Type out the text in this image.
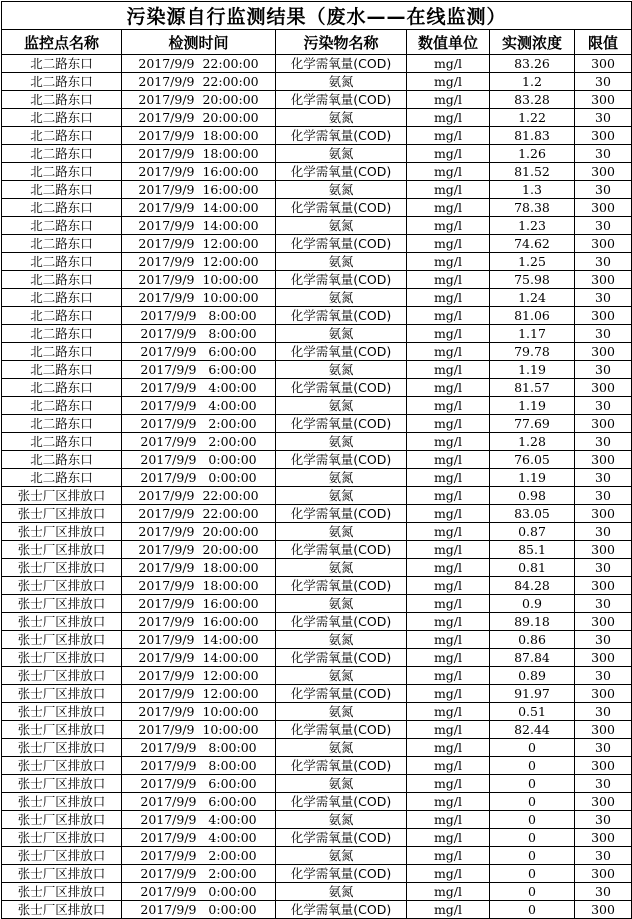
污染源自行监测结果（废水——在线监测）					
监控点名称	检测时间	污染物名称	数值单位	实测浓度	限值
北二路东口	2017/9/9  22:00:00	化学需氧量(COD)	mg/l	83.26	300
北二路东口	2017/9/9  22:00:00	氨氮	mg/l	1.2	30
北二路东口	2017/9/9  20:00:00	化学需氧量(COD)	mg/l	83.28	300
北二路东口	2017/9/9  20:00:00	氨氮	mg/l	1.22	30
北二路东口	2017/9/9  18:00:00	化学需氧量(COD)	mg/l	81.83	300
北二路东口	2017/9/9  18:00:00	氨氮	mg/l	1.26	30
北二路东口	2017/9/9  16:00:00	化学需氧量(COD)	mg/l	81.52	300
北二路东口	2017/9/9  16:00:00	氨氮	mg/l	1.3	30
北二路东口	2017/9/9  14:00:00	化学需氧量(COD)	mg/l	78.38	300
北二路东口	2017/9/9  14:00:00	氨氮	mg/l	1.23	30
北二路东口	2017/9/9  12:00:00	化学需氧量(COD)	mg/l	74.62	300
北二路东口	2017/9/9  12:00:00	氨氮	mg/l	1.25	30
北二路东口	2017/9/9  10:00:00	化学需氧量(COD)	mg/l	75.98	300
北二路东口	2017/9/9  10:00:00	氨氮	mg/l	1.24	30
北二路东口	2017/9/9   8:00:00	化学需氧量(COD)	mg/l	81.06	300
北二路东口	2017/9/9   8:00:00	氨氮	mg/l	1.17	30
北二路东口	2017/9/9   6:00:00	化学需氧量(COD)	mg/l	79.78	300
北二路东口	2017/9/9   6:00:00	氨氮	mg/l	1.19	30
北二路东口	2017/9/9   4:00:00	化学需氧量(COD)	mg/l	81.57	300
北二路东口	2017/9/9   4:00:00	氨氮	mg/l	1.19	30
北二路东口	2017/9/9   2:00:00	化学需氧量(COD)	mg/l	77.69	300
北二路东口	2017/9/9   2:00:00	氨氮	mg/l	1.28	30
北二路东口	2017/9/9   0:00:00	化学需氧量(COD)	mg/l	76.05	300
北二路东口	2017/9/9   0:00:00	氨氮	mg/l	1.19	30
张士厂区排放口	2017/9/9  22:00:00	氨氮	mg/l	0.98	30
张士厂区排放口	2017/9/9  22:00:00	化学需氧量(COD)	mg/l	83.05	300
张士厂区排放口	2017/9/9  20:00:00	氨氮	mg/l	0.87	30
张士厂区排放口	2017/9/9  20:00:00	化学需氧量(COD)	mg/l	85.1	300
张士厂区排放口	2017/9/9  18:00:00	氨氮	mg/l	0.81	30
张士厂区排放口	2017/9/9  18:00:00	化学需氧量(COD)	mg/l	84.28	300
张士厂区排放口	2017/9/9  16:00:00	氨氮	mg/l	0.9	30
张士厂区排放口	2017/9/9  16:00:00	化学需氧量(COD)	mg/l	89.18	300
张士厂区排放口	2017/9/9  14:00:00	氨氮	mg/l	0.86	30
张士厂区排放口	2017/9/9  14:00:00	化学需氧量(COD)	mg/l	87.84	300
张士厂区排放口	2017/9/9  12:00:00	氨氮	mg/l	0.89	30
张士厂区排放口	2017/9/9  12:00:00	化学需氧量(COD)	mg/l	91.97	300
张士厂区排放口	2017/9/9  10:00:00	氨氮	mg/l	0.51	30
张士厂区排放口	2017/9/9  10:00:00	化学需氧量(COD)	mg/l	82.44	300
张士厂区排放口	2017/9/9   8:00:00	氨氮	mg/l	0	30
张士厂区排放口	2017/9/9   8:00:00	化学需氧量(COD)	mg/l	0	300
张士厂区排放口	2017/9/9   6:00:00	氨氮	mg/l	0	30
张士厂区排放口	2017/9/9   6:00:00	化学需氧量(COD)	mg/l	0	300
张士厂区排放口	2017/9/9   4:00:00	氨氮	mg/l	0	30
张士厂区排放口	2017/9/9   4:00:00	化学需氧量(COD)	mg/l	0	300
张士厂区排放口	2017/9/9   2:00:00	氨氮	mg/l	0	30
张士厂区排放口	2017/9/9   2:00:00	化学需氧量(COD)	mg/l	0	300
张士厂区排放口	2017/9/9   0:00:00	氨氮	mg/l	0	30
张士厂区排放口	2017/9/9   0:00:00	化学需氧量(COD)	mg/l	0	300
